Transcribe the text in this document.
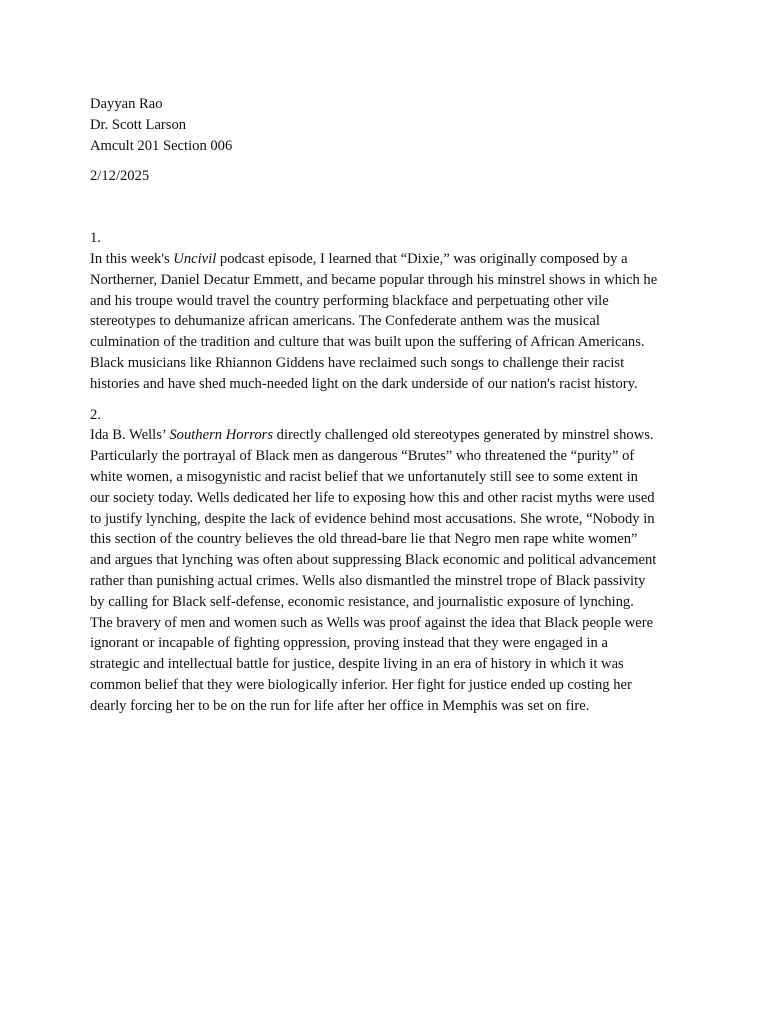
Dayyan Rao
Dr. Scott Larson
Amcult 201 Section 006
2/12/2025
1.
In this week's Uncivil podcast episode, I learned that “Dixie,” was originally composed by a
Northerner, Daniel Decatur Emmett, and became popular through his minstrel shows in which he
and his troupe would travel the country performing blackface and perpetuating other vile
stereotypes to dehumanize african americans. The Confederate anthem was the musical
culmination of the tradition and culture that was built upon the suffering of African Americans.
Black musicians like Rhiannon Giddens have reclaimed such songs to challenge their racist
histories and have shed much-needed light on the dark underside of our nation's racist history.
2.
Ida B. Wells’ Southern Horrors directly challenged old stereotypes generated by minstrel shows.
Particularly the portrayal of Black men as dangerous “Brutes” who threatened the “purity” of
white women, a misogynistic and racist belief that we unfortanutely still see to some extent in
our society today. Wells dedicated her life to exposing how this and other racist myths were used
to justify lynching, despite the lack of evidence behind most accusations. She wrote, “Nobody in
this section of the country believes the old thread-bare lie that Negro men rape white women”
and argues that lynching was often about suppressing Black economic and political advancement
rather than punishing actual crimes. Wells also dismantled the minstrel trope of Black passivity
by calling for Black self-defense, economic resistance, and journalistic exposure of lynching.
The bravery of men and women such as Wells was proof against the idea that Black people were
ignorant or incapable of fighting oppression, proving instead that they were engaged in a
strategic and intellectual battle for justice, despite living in an era of history in which it was
common belief that they were biologically inferior. Her fight for justice ended up costing her
dearly forcing her to be on the run for life after her office in Memphis was set on fire.
